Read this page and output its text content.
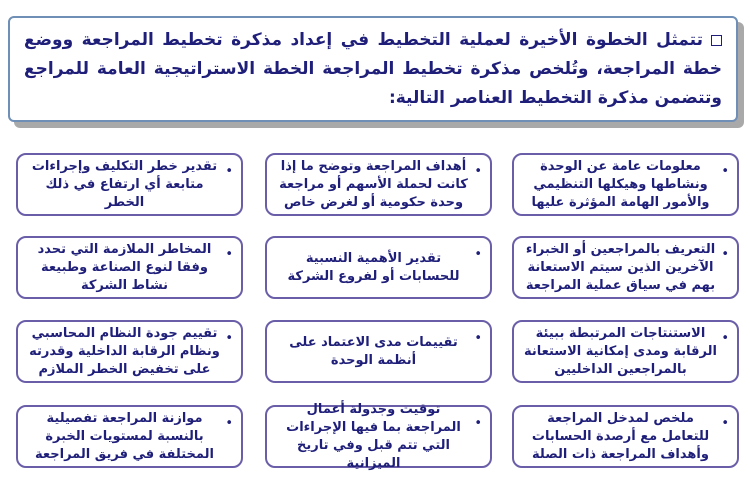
تتمثل الخطوة الأخيرة لعملية التخطيط في إعداد مذكرة تخطيط المراجعة ووضع خطة المراجعة، وتُلخص مذكرة تخطيط المراجعة الخطة الاستراتيجية العامة للمراجع وتتضمن مذكرة التخطيط العناصر التالية:

•
معلومات عامة عن الوحدة ونشاطها وهيكلها التنظيمي والأمور الهامة المؤثرة عليها
•
أهداف المراجعة وتوضح ما إذا كانت لحملة الأسهم أو مراجعة وحدة حكومية أو لغرض خاص
•
تقدير خطر التكليف وإجراءات متابعة أي ارتفاع في ذلك الخطر
•
التعريف بالمراجعين أو الخبراء الآخرين الذين سيتم الاستعانة بهم في سياق عملية المراجعة
•
تقدير الأهمية النسبية للحسابات أو لفروع الشركة
•
المخاطر الملازمة التي تحدد وفقا لنوع الصناعة وطبيعة نشاط الشركة
•
الاستنتاجات المرتبطة ببيئة الرقابة ومدى إمكانية الاستعانة بالمراجعين الداخليين
•
تقييمات مدى الاعتماد على أنظمة الوحدة
•
تقييم جودة النظام المحاسبي ونظام الرقابة الداخلية وقدرته على تخفيض الخطر الملازم
•
ملخص لمدخل المراجعة للتعامل مع أرصدة الحسابات وأهداف المراجعة ذات الصلة
•
توقيت وجدولة أعمال المراجعة بما فيها الإجراءات التي تتم قبل وفي تاريخ الميزانية
•
موازنة المراجعة تفصيلية بالنسبة لمستويات الخبرة المختلفة في فريق المراجعة
